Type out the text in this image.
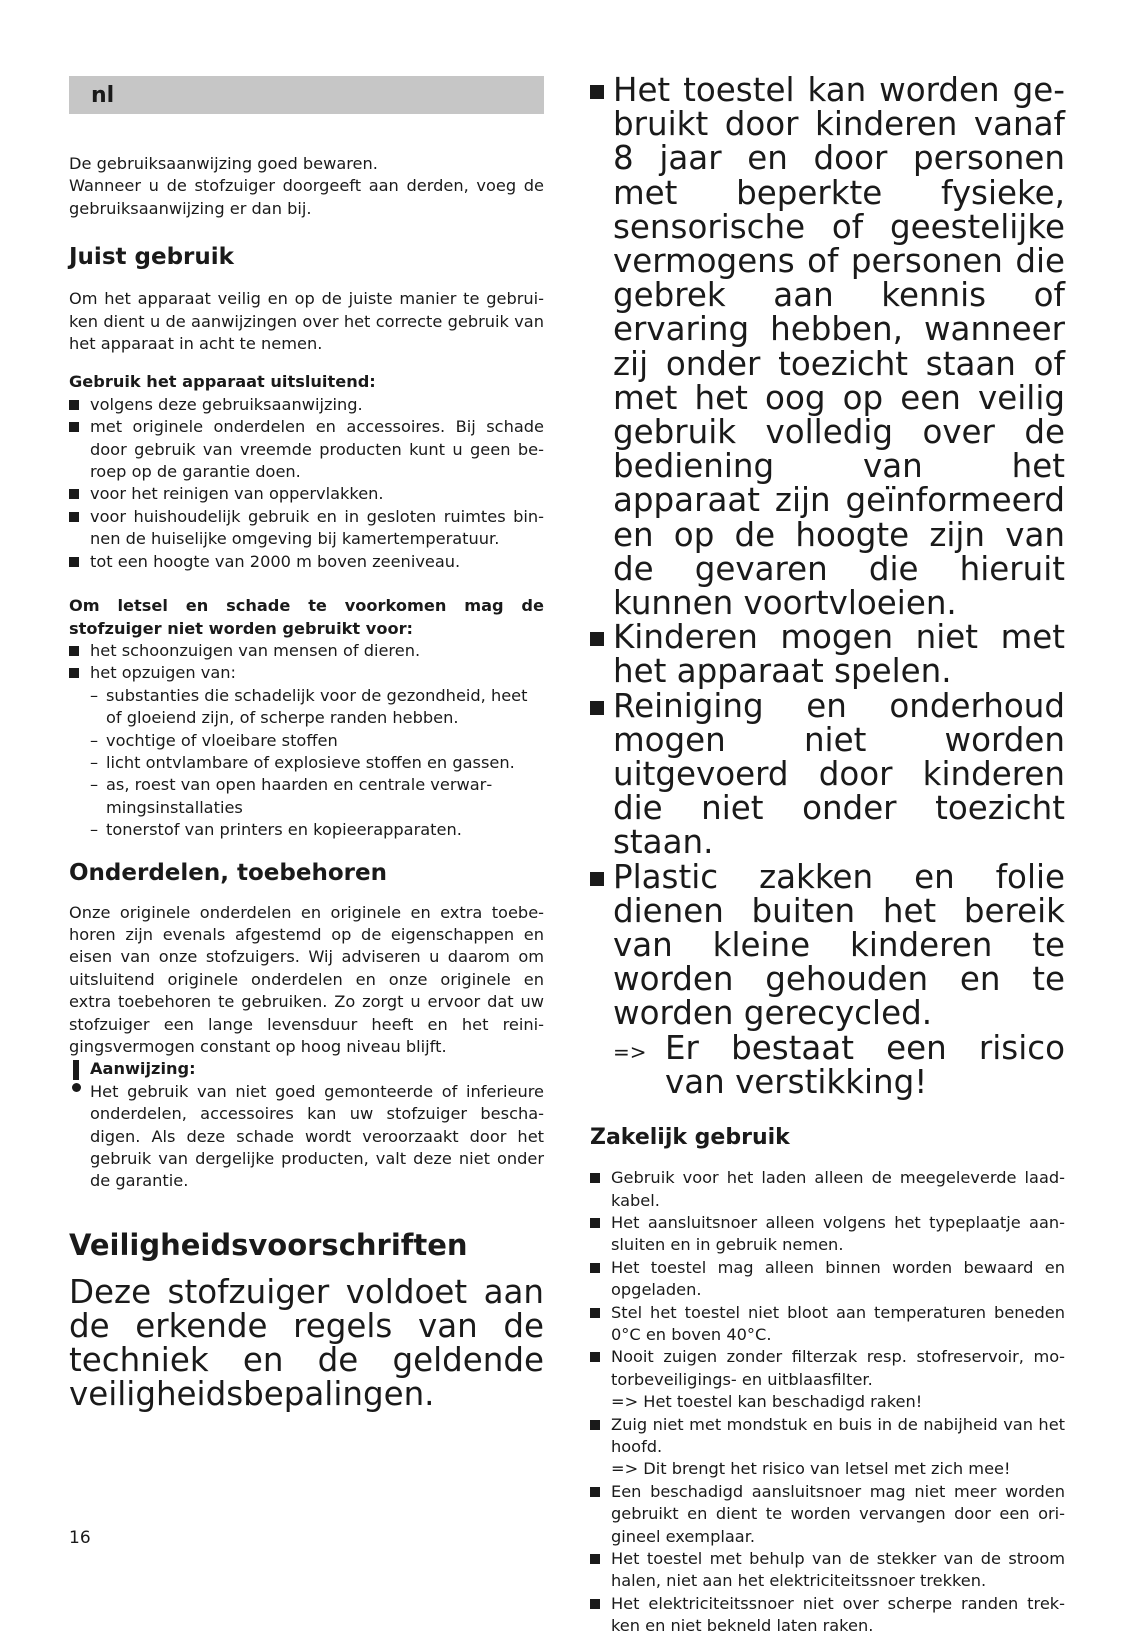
nl

De gebruiksaanwijzing goed bewaren.

Wanneer u de stofzuiger doorgeeft aan derden, voeg de gebruiksaanwijzing er dan bij.

Juist gebruik

Om het apparaat veilig en op de juiste manier te gebruiken dient u de aanwijzingen over het correcte gebruik van het apparaat in acht te nemen.

Gebruik het apparaat uitsluitend:

volgens deze gebruiksaanwijzing.
met originele onderdelen en accessoires. Bij schade door gebruik van vreemde producten kunt u geen beroep op de garantie doen.
voor het reinigen van oppervlakken.
voor huishoudelijk gebruik en in gesloten ruimtes binnen de huiselijke omgeving bij kamertemperatuur.
tot een hoogte van 2000 m boven zeeniveau.

Om letsel en schade te voorkomen mag de stofzuiger niet worden gebruikt voor:

het schoonzuigen van mensen of dieren.
het opzuigen van:
– substanties die schadelijk voor de gezondheid, heet of gloeiend zijn, of scherpe randen hebben.
– vochtige of vloeibare stoffen
– licht ontvlambare of explosieve stoffen en gassen.
– as, roest van open haarden en centrale verwarmingsinstallaties
– tonerstof van printers en kopieerapparaten.
Onderdelen, toebehoren

Onze originele onderdelen en originele en extra toebehoren zijn evenals afgestemd op de eigenschappen en eisen van onze stofzuigers. Wij adviseren u daarom om uitsluitend originele onderdelen en onze originele en extra toebehoren te gebruiken. Zo zorgt u ervoor dat uw stofzuiger een lange levensduur heeft en het reinigingsvermogen constant op hoog niveau blijft.

Aanwijzing:

Het gebruik van niet goed gemonteerde of inferieure onderdelen, accessoires kan uw stofzuiger beschadigen. Als deze schade wordt veroorzaakt door het gebruik van dergelijke producten, valt deze niet onder de garantie.

Veiligheidsvoorschriften

Deze stofzuiger voldoet aan de erkende regels van de techniek en de geldende veiligheidsbepalingen.

Het toestel kan worden gebruikt door kinderen vanaf 8 jaar en door personen met beperkte fysieke, sensorische of geestelijke vermogens of personen die gebrek aan kennis of ervaring hebben, wanneer zij onder toezicht staan of met het oog op een veilig gebruik volledig over de bediening van het apparaat zijn geïnformeerd en op de hoogte zijn van de gevaren die hieruit kunnen voortvloeien.
Kinderen mogen niet met het apparaat spelen.
Reiniging en onderhoud mogen niet worden uitgevoerd door kinderen die niet onder toezicht staan.
Plastic zakken en folie dienen buiten het bereik van kleine kinderen te worden gehouden en te worden gerecycled.
=> Er bestaat een risico van verstikking!
Zakelijk gebruik
Gebruik voor het laden alleen de meegeleverde laadkabel.
Het aansluitsnoer alleen volgens het typeplaatje aansluiten en in gebruik nemen.
Het toestel mag alleen binnen worden bewaard en opgeladen.
Stel het toestel niet bloot aan temperaturen beneden 0°C en boven 40°C.
Nooit zuigen zonder filterzak resp. stofreservoir, motorbeveiligings- en uitblaasfilter.
=> Het toestel kan beschadigd raken!
Zuig niet met mondstuk en buis in de nabijheid van het hoofd.
=> Dit brengt het risico van letsel met zich mee!
Een beschadigd aansluitsnoer mag niet meer worden gebruikt en dient te worden vervangen door een origineel exemplaar.
Het toestel met behulp van de stekker van de stroom halen, niet aan het elektriciteitssnoer trekken.
Het elektriciteitssnoer niet over scherpe randen trekken en niet bekneld laten raken.
16
